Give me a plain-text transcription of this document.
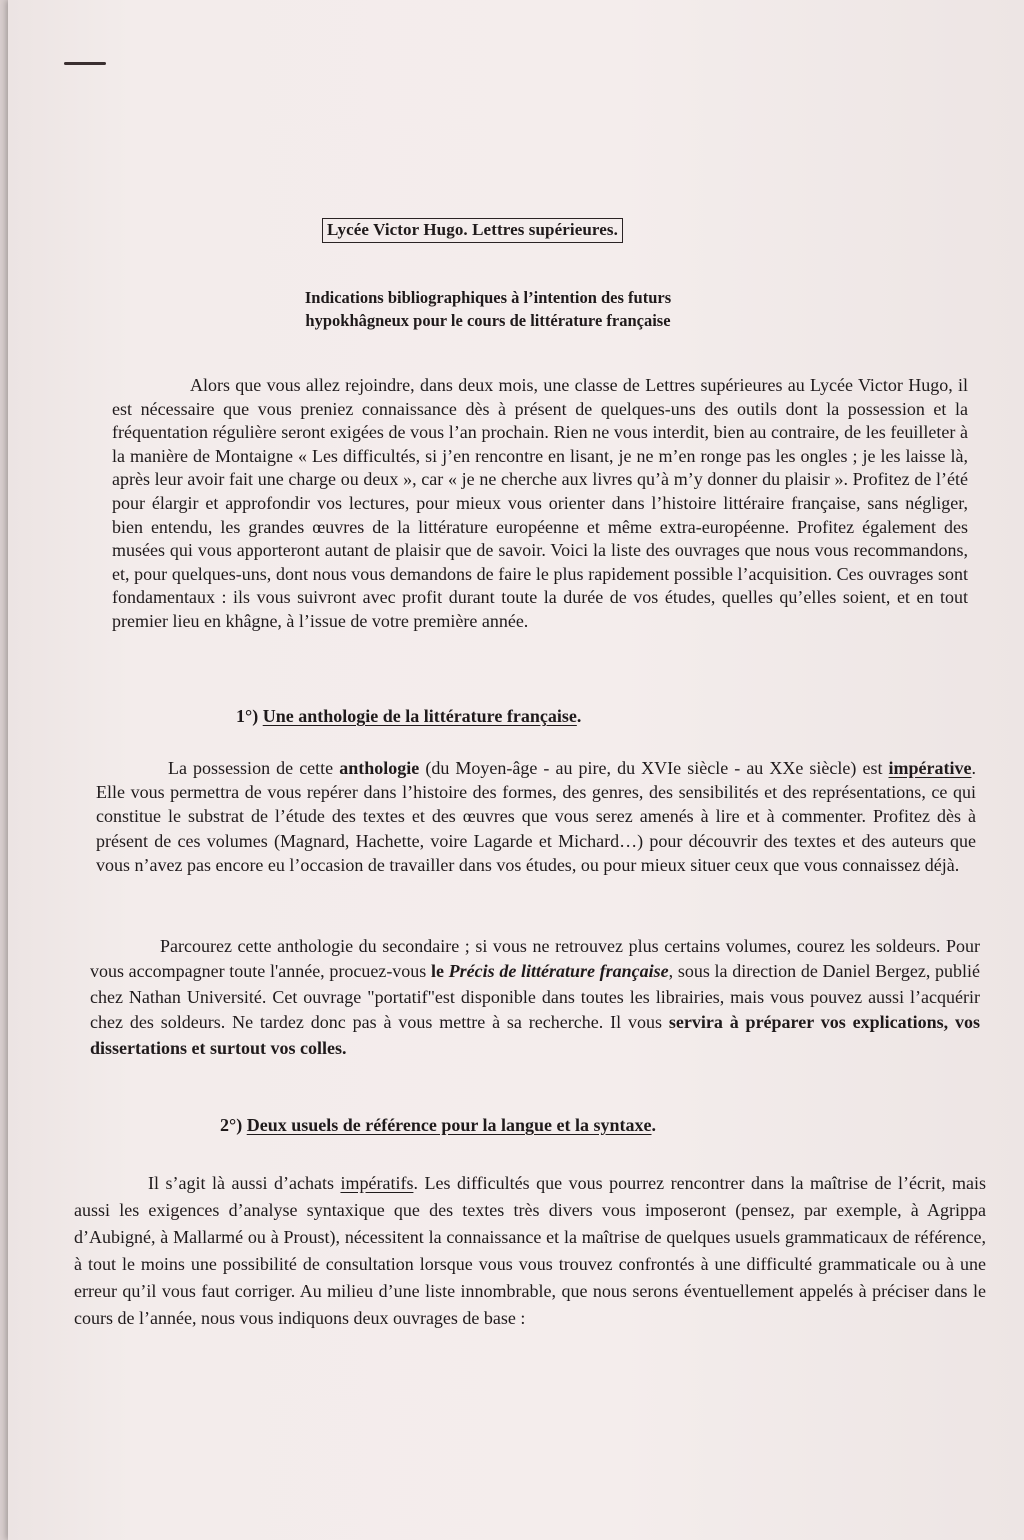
Lycée Victor Hugo. Lettres supérieures.
Indications bibliographiques à l’intention des futurs
hypokhâgneux pour le cours de littérature française

Alors que vous allez rejoindre, dans deux mois, une classe de Lettres supérieures au Lycée Victor Hugo, il est nécessaire que vous preniez connaissance dès à présent de quelques-uns des outils dont la possession et la fréquentation régulière seront exigées de vous l’an prochain. Rien ne vous interdit, bien au contraire, de les feuilleter à la manière de Montaigne « Les difficultés, si j’en rencontre en lisant, je ne m’en ronge pas les ongles ; je les laisse là, après leur avoir fait une charge ou deux », car « je ne cherche aux livres qu’à m’y donner du plaisir ». Profitez de l’été pour élargir et approfondir vos lectures, pour mieux vous orienter dans l’histoire littéraire française, sans négliger, bien entendu, les grandes œuvres de la littérature européenne et même extra-européenne. Profitez également des musées qui vous apporteront autant de plaisir que de savoir. Voici la liste des ouvrages que nous vous recommandons, et, pour quelques-uns, dont nous vous demandons de faire le plus rapidement possible l’acquisition. Ces ouvrages sont fondamentaux : ils vous suivront avec profit durant toute la durée de vos études, quelles qu’elles soient, et en tout premier lieu en khâgne, à l’issue de votre première année.

1°) Une anthologie de la littérature française.

La possession de cette anthologie (du Moyen-âge - au pire, du XVIe siècle - au XXe siècle) est impérative. Elle vous permettra de vous repérer dans l’histoire des formes, des genres, des sensibilités et des représentations, ce qui constitue le substrat de l’étude des textes et des œuvres que vous serez amenés à lire et à commenter. Profitez dès à présent de ces volumes (Magnard, Hachette, voire Lagarde et Michard…) pour découvrir des textes et des auteurs que vous n’avez pas encore eu l’occasion de travailler dans vos études, ou pour mieux situer ceux que vous connaissez déjà.

Parcourez cette anthologie du secondaire ; si vous ne retrouvez plus certains volumes, courez les soldeurs. Pour vous accompagner toute l'année, procuez-vous le Précis de littérature française, sous la direction de Daniel Bergez, publié chez Nathan Université. Cet ouvrage "portatif"est disponible dans toutes les librairies, mais vous pouvez aussi l’acquérir chez des soldeurs. Ne tardez donc pas à vous mettre à sa recherche. Il vous servira à préparer vos explications, vos dissertations et surtout vos colles.

2°) Deux usuels de référence pour la langue et la syntaxe.

Il s’agit là aussi d’achats impératifs. Les difficultés que vous pourrez rencontrer dans la maîtrise de l’écrit, mais aussi les exigences d’analyse syntaxique que des textes très divers vous imposeront (pensez, par exemple, à Agrippa d’Aubigné, à Mallarmé ou à Proust), nécessitent la connaissance et la maîtrise de quelques usuels grammaticaux de référence, à tout le moins une possibilité de consultation lorsque vous vous trouvez confrontés à une difficulté grammaticale ou à une erreur qu’il vous faut corriger. Au milieu d’une liste innombrable, que nous serons éventuellement appelés à préciser dans le cours de l’année, nous vous indiquons deux ouvrages de base :
